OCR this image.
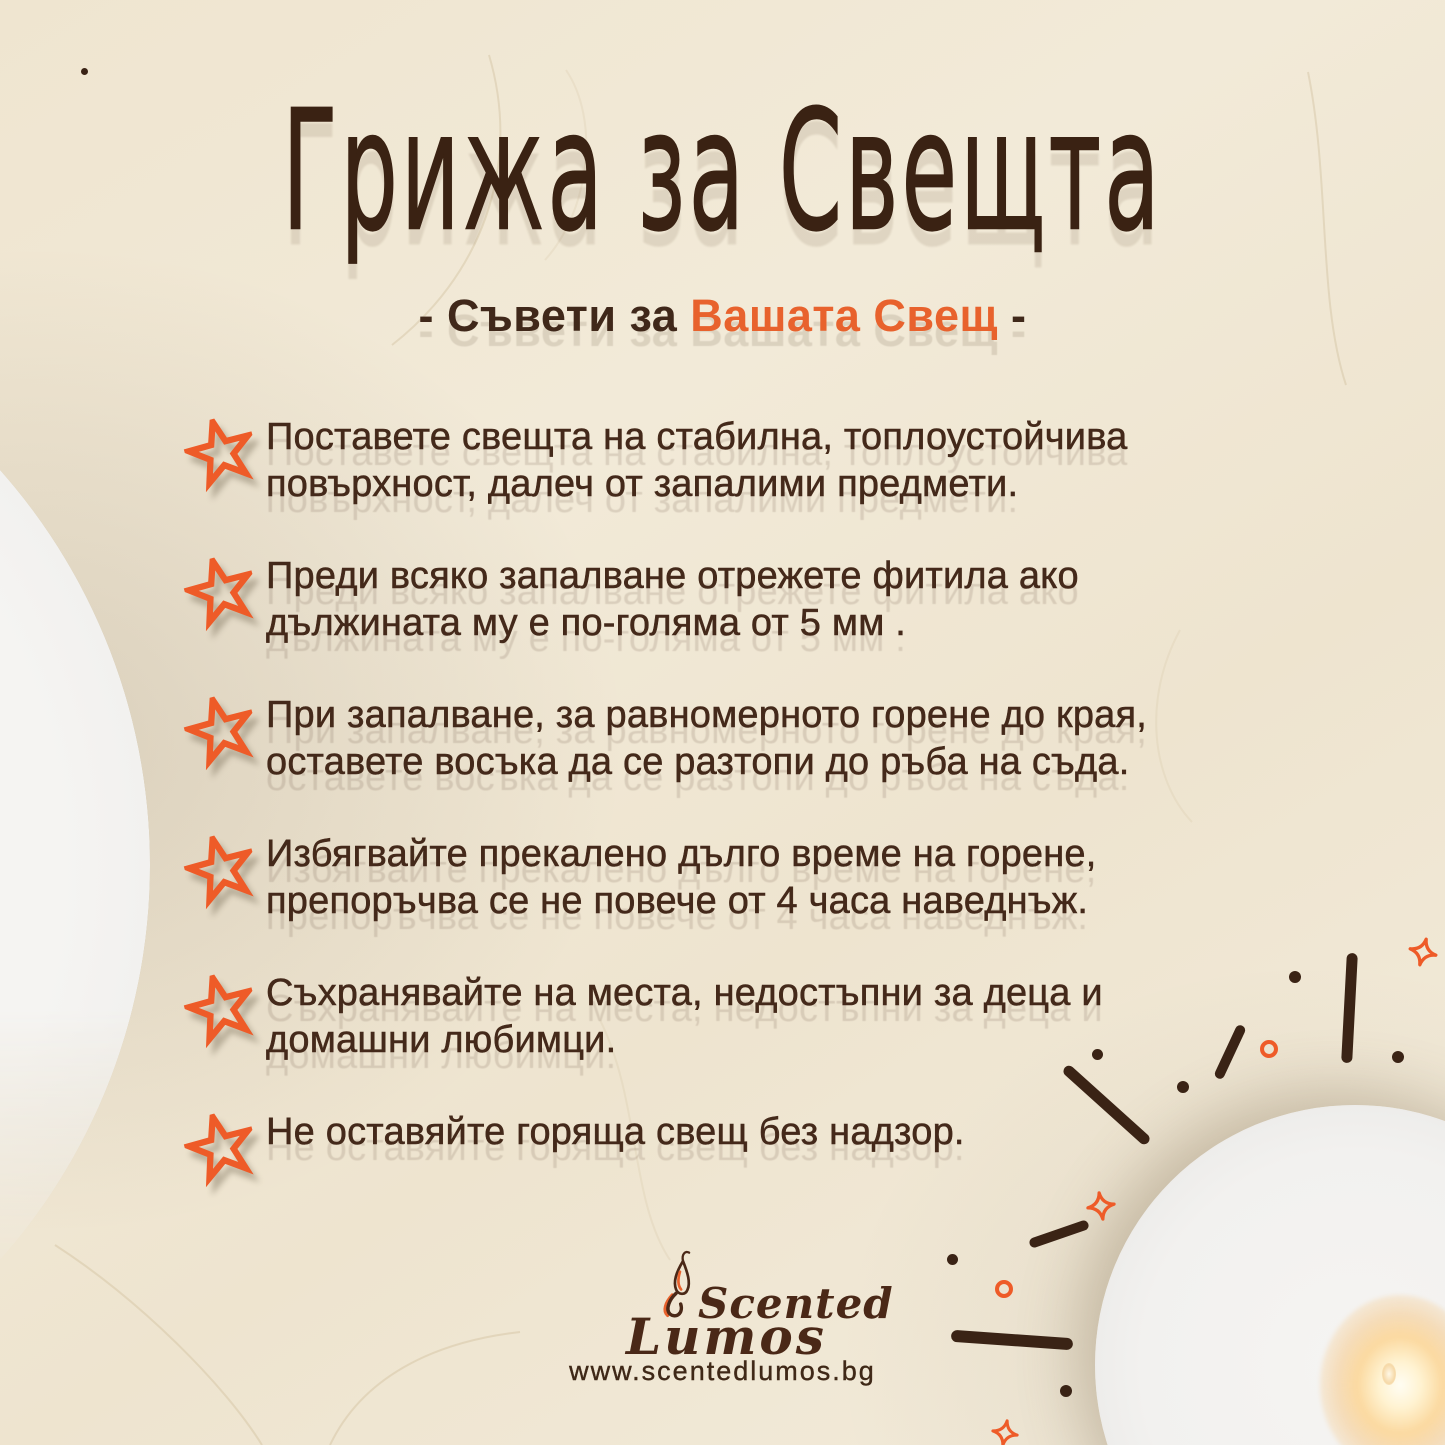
Грижа за Свещта
- Съвети за Вашата Свещ -
Поставете свещта на стабилна, топлоустойчива повърхност, далеч от запалими предмети.
Преди всяко запалване отрежете фитила ако дължината му е по-голяма от 5 мм .
При запалване, за равномерното горене до края, оставете восъка да се разтопи до ръба на съда.
Избягвайте прекалено дълго време на горене, препоръчва се не повече от 4 часа наведнъж.
Съхранявайте на места, недостъпни за деца и домашни любимци.
Не оставяйте горяща свещ без надзор.
Scented
Lumos
www.scentedlumos.bg
